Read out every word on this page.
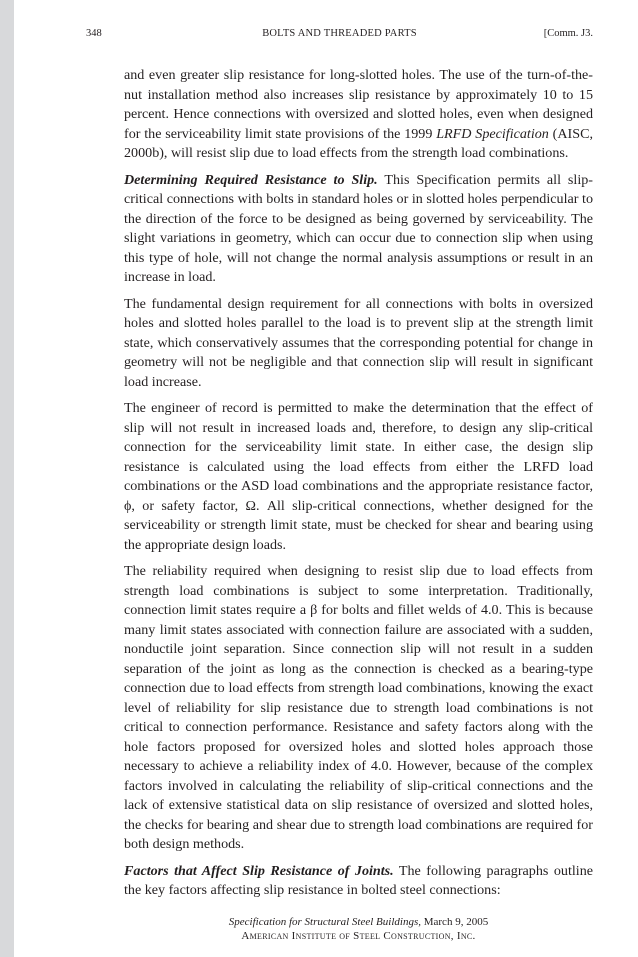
348	BOLTS AND THREADED PARTS	[Comm. J3.

and even greater slip resistance for long-slotted holes. The use of the turn-of-the-nut installation method also increases slip resistance by approximately 10 to 15 percent. Hence connections with oversized and slotted holes, even when designed for the serviceability limit state provisions of the 1999 LRFD Specification (AISC, 2000b), will resist slip due to load effects from the strength load combinations.

Determining Required Resistance to Slip. This Specification permits all slip-critical connections with bolts in standard holes or in slotted holes perpendicular to the direction of the force to be designed as being governed by serviceability. The slight variations in geometry, which can occur due to connection slip when using this type of hole, will not change the normal analysis assumptions or result in an increase in load.

The fundamental design requirement for all connections with bolts in oversized holes and slotted holes parallel to the load is to prevent slip at the strength limit state, which conservatively assumes that the corresponding potential for change in geometry will not be negligible and that connection slip will result in significant load increase.

The engineer of record is permitted to make the determination that the effect of slip will not result in increased loads and, therefore, to design any slip-critical connection for the serviceability limit state. In either case, the design slip resistance is calculated using the load effects from either the LRFD load combinations or the ASD load combinations and the appropriate resistance factor, ϕ, or safety factor, Ω. All slip-critical connections, whether designed for the serviceability or strength limit state, must be checked for shear and bearing using the appropriate design loads.

The reliability required when designing to resist slip due to load effects from strength load combinations is subject to some interpretation. Traditionally, connection limit states require a β for bolts and fillet welds of 4.0. This is because many limit states associated with connection failure are associated with a sudden, nonductile joint separation. Since connection slip will not result in a sudden separation of the joint as long as the connection is checked as a bearing-type connection due to load effects from strength load combinations, knowing the exact level of reliability for slip resistance due to strength load combinations is not critical to connection performance. Resistance and safety factors along with the hole factors proposed for oversized holes and slotted holes approach those necessary to achieve a reliability index of 4.0. However, because of the complex factors involved in calculating the reliability of slip-critical connections and the lack of extensive statistical data on slip resistance of oversized and slotted holes, the checks for bearing and shear due to strength load combinations are required for both design methods.

Factors that Affect Slip Resistance of Joints. The following paragraphs outline the key factors affecting slip resistance in bolted steel connections:

Specification for Structural Steel Buildings, March 9, 2005
American Institute of Steel Construction, Inc.
